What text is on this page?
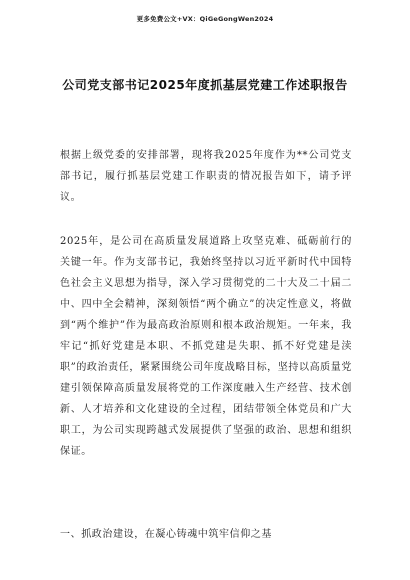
更多免费公文+VX：QiGeGongWen2024
公司党支部书记2025年度抓基层党建工作述职报告

根据上级党委的安排部署，现将我2025年度作为**公司党支部书记，履行抓基层党建工作职责的情况报告如下，请予评议。

2025年，是公司在高质量发展道路上攻坚克难、砥砺前行的关键一年。作为支部书记，我始终坚持以习近平新时代中国特色社会主义思想为指导，深入学习贯彻党的二十大及二十届二中、四中全会精神，深刻领悟“两个确立”的决定性意义，将做到“两个维护”作为最高政治原则和根本政治规矩。一年来，我牢记“抓好党建是本职、不抓党建是失职、抓不好党建是渎职”的政治责任，紧紧围绕公司年度战略目标，坚持以高质量党建引领保障高质量发展将党的工作深度融入生产经营、技术创新、人才培养和文化建设的全过程，团结带领全体党员和广大职工，为公司实现跨越式发展提供了坚强的政治、思想和组织保证。

一、抓政治建设，在凝心铸魂中筑牢信仰之基
